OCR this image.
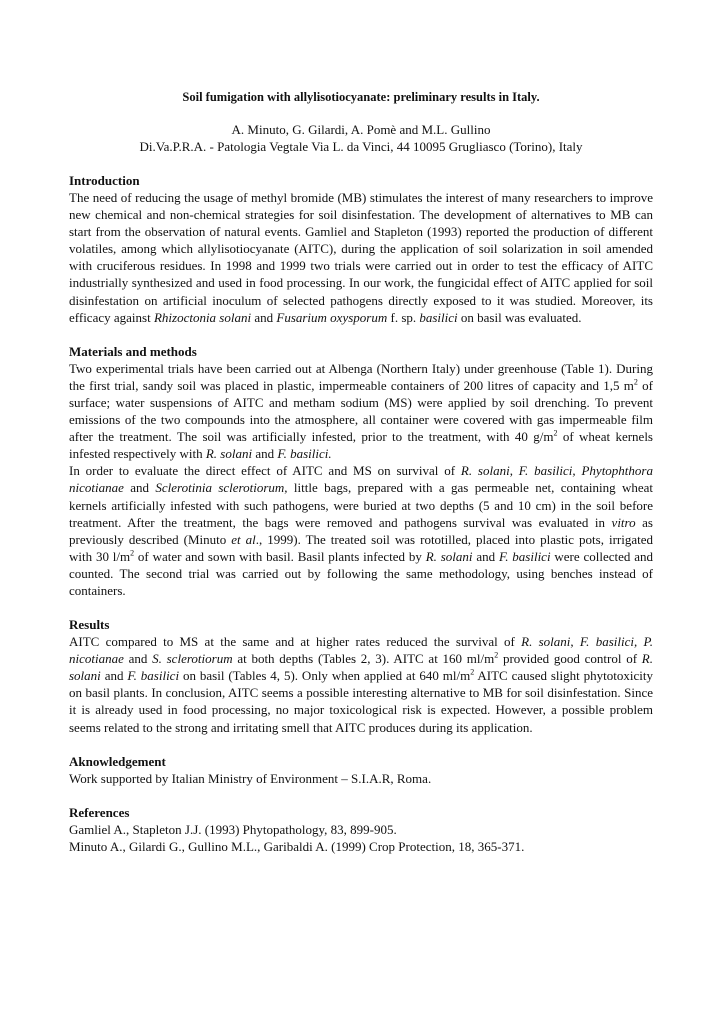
Soil fumigation with allylisotiocyanate: preliminary results in Italy.
A. Minuto, G. Gilardi, A. Pomè and M.L. Gullino
Di.Va.P.R.A. - Patologia Vegtale Via L. da Vinci, 44 10095 Grugliasco (Torino), Italy
Introduction
The need of reducing the usage of methyl bromide (MB) stimulates the interest of many researchers to improve new chemical and non-chemical strategies for soil disinfestation. The development of alternatives to MB can start from the observation of natural events. Gamliel and Stapleton (1993) reported the production of different volatiles, among which allylisotiocyanate (AITC), during the application of soil solarization in soil amended with cruciferous residues. In 1998 and 1999 two trials were carried out in order to test the efficacy of AITC industrially synthesized and used in food processing. In our work, the fungicidal effect of AITC applied for soil disinfestation on artificial inoculum of selected pathogens directly exposed to it was studied. Moreover, its efficacy against Rhizoctonia solani and Fusarium oxysporum f. sp. basilici on basil was evaluated.
Materials and methods
Two experimental trials have been carried out at Albenga (Northern Italy) under greenhouse (Table 1). During the first trial, sandy soil was placed in plastic, impermeable containers of 200 litres of capacity and 1,5 $m^2$ of surface; water suspensions of AITC and metham sodium (MS) were applied by soil drenching. To prevent emissions of the two compounds into the atmosphere, all container were covered with gas impermeable film after the treatment. The soil was artificially infested, prior to the treatment, with 40 $g/m^2$ of wheat kernels infested respectively with R. solani and F. basilici.
In order to evaluate the direct effect of AITC and MS on survival of R. solani, F. basilici, Phytophthora nicotianae and Sclerotinia sclerotiorum, little bags, prepared with a gas permeable net, containing wheat kernels artificially infested with such pathogens, were buried at two depths (5 and 10 cm) in the soil before treatment. After the treatment, the bags were removed and pathogens survival was evaluated in vitro as previously described (Minuto et al., 1999). The treated soil was rototilled, placed into plastic pots, irrigated with 30 $l/m^2$ of water and sown with basil. Basil plants infected by R. solani and F. basilici were collected and counted. The second trial was carried out by following the same methodology, using benches instead of containers.
Results
AITC compared to MS at the same and at higher rates reduced the survival of R. solani, F. basilici, P. nicotianae and S. sclerotiorum at both depths (Tables 2, 3). AITC at 160 $ml/m^2$ provided good control of R. solani and F. basilici on basil (Tables 4, 5). Only when applied at 640 $ml/m^2$ AITC caused slight phytotoxicity on basil plants. In conclusion, AITC seems a possible interesting alternative to MB for soil disinfestation. Since it is already used in food processing, no major toxicological risk is expected. However, a possible problem seems related to the strong and irritating smell that AITC produces during its application.
Aknowledgement
Work supported by Italian Ministry of Environment – S.I.A.R, Roma.
References
Gamliel A., Stapleton J.J. (1993) Phytopathology, 83, 899-905.
Minuto A., Gilardi G., Gullino M.L., Garibaldi A. (1999) Crop Protection, 18, 365-371.
